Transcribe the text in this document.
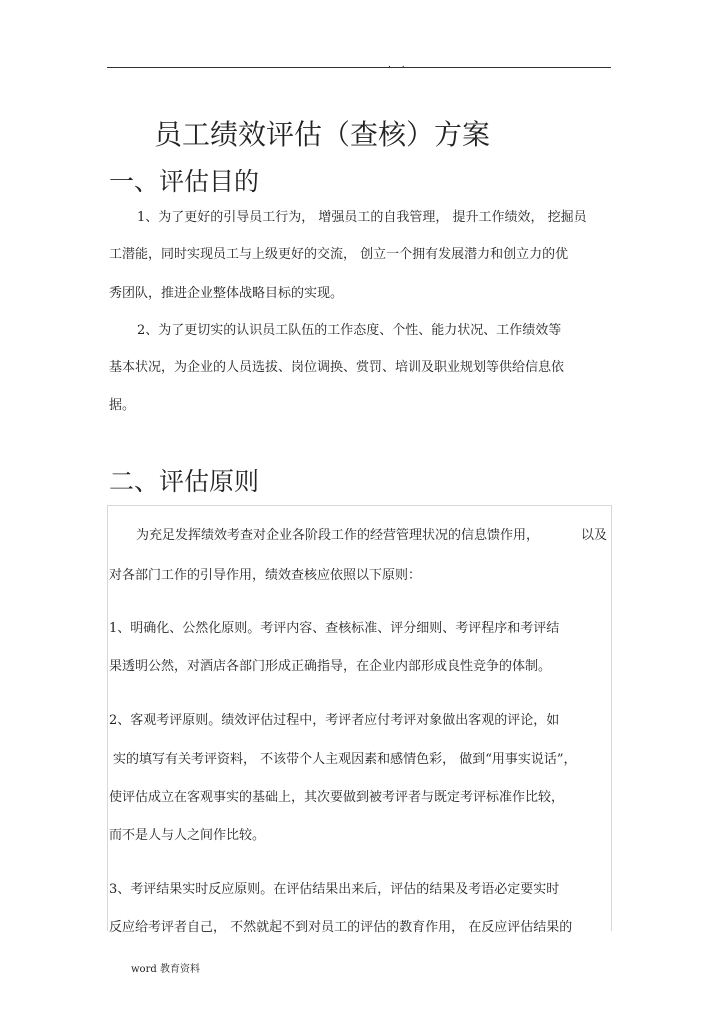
. .
员工绩效评估（查核）方案
一、评估目的
1、为了更好的引导员工行为， 增强员工的自我管理， 提升工作绩效， 挖掘员
工潜能，同时实现员工与上级更好的交流， 创立一个拥有发展潜力和创立力的优
秀团队，推进企业整体战略目标的实现。
2、为了更切实的认识员工队伍的工作态度、个性、能力状况、工作绩效等
基本状况，为企业的人员选拔、岗位调换、赏罚、培训及职业规划等供给信息依
据。
二、评估原则
为充足发挥绩效考查对企业各阶段工作的经营管理状况的信息馈作用，	以及
对各部门工作的引导作用，绩效查核应依照以下原则：
1、明确化、公然化原则。考评内容、查核标准、评分细则、考评程序和考评结
果透明公然，对酒店各部门形成正确指导，在企业内部形成良性竞争的体制。
2、客观考评原则。绩效评估过程中，考评者应付考评对象做出客观的评论，如
实的填写有关考评资料， 不该带个人主观因素和感情色彩， 做到“用事实说话”，
使评估成立在客观事实的基础上，其次要做到被考评者与既定考评标准作比较，
而不是人与人之间作比较。
3、考评结果实时反应原则。在评估结果出来后，评估的结果及考语必定要实时
反应给考评者自己， 不然就起不到对员工的评估的教育作用， 在反应评估结果的
word 教育资料
